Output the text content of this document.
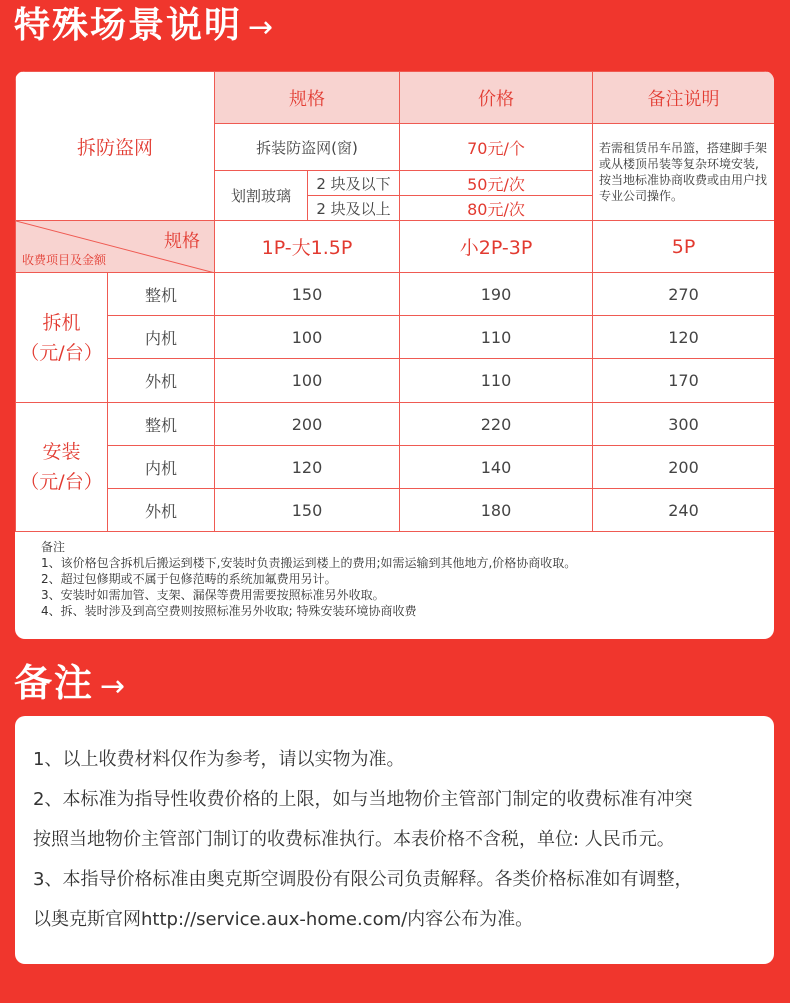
特殊场景说明 →
拆防盗网		规格		价格	备注说明
		拆装防盗网(窗)		70元/个	若需租赁吊车吊篮，搭建脚手架或从楼顶吊装等复杂环境安装,按当地标准协商收费或由用户找专业公司操作。
		划割玻璃	2 块及以下	50元/次	
			2 块及以上	80元/次	

规格
收费项目及金额		1P-大1.5P		小2P-3P	5P

拆机
（元/台）	整机	150		190	270
	内机	100		110	120
	外机	100		110	170

安装
（元/台）	整机	200		220	300
	内机	120		140	200
	外机	150		180	240
备注
1、该价格包含拆机后搬运到楼下,安装时负责搬运到楼上的费用;如需运输到其他地方,价格协商收取。
2、超过包修期或不属于包修范畴的系统加氟费用另计。
3、安装时如需加管、支架、漏保等费用需要按照标准另外收取。
4、拆、装时涉及到高空费则按照标准另外收取; 特殊安装环境协商收费
备注 →
1、以上收费材料仅作为参考，请以实物为准。
2、本标准为指导性收费价格的上限，如与当地物价主管部门制定的收费标准有冲突
按照当地物价主管部门制订的收费标准执行。本表价格不含税，单位: 人民币元。
3、本指导价格标准由奥克斯空调股份有限公司负责解释。各类价格标准如有调整，
以奥克斯官网http://service.aux-home.com/内容公布为准。
